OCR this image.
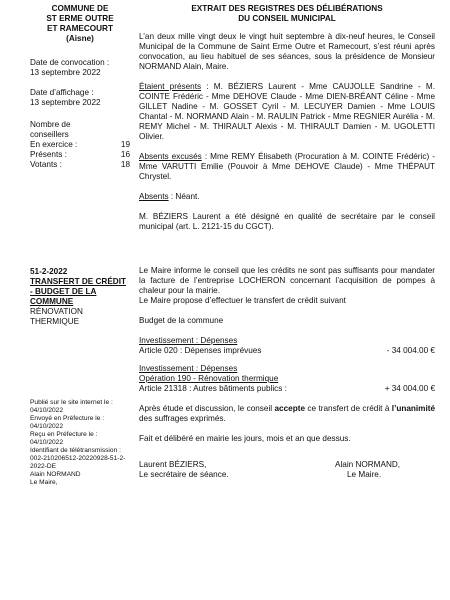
COMMUNE DE
ST ERME OUTRE
ET RAMECOURT
(Aisne)
Date de convocation :
13 septembre 2022
Date d’affichage :
13 septembre 2022
Nombre de
conseillers
En exercice :	19
Présents :	16
Votants :	18
51-2-2022
TRANSFERT DE CRÉDIT - BUDGET DE LA COMMUNE
RÉNOVATION THERMIQUE
Publié sur le site internet le : 04/10/2022
Envoyé en Préfecture le : 04/10/2022
Reçu en Préfecture le : 04/10/2022
Identifiant de télétransmission : 002-210206512-20220928-51-2-2022-DE
Alain NORMAND
Le Maire,
EXTRAIT DES REGISTRES DES DÉLIBÉRATIONS
DU CONSEIL MUNICIPAL

L’an deux mille vingt deux le vingt huit septembre à dix-neuf heures, le Conseil Municipal de la Commune de Saint Erme Outre et Ramecourt, s’est réuni après convocation, au lieu habituel de ses séances, sous la présidence de Monsieur NORMAND Alain, Maire.

Étaient présents : M. BÉZIERS Laurent - Mme CAUJOLLE Sandrine - M. COINTE Frédéric - Mme DEHOVE Claude - Mme DIEN-BRÉANT Céline - Mme GILLET Nadine - M. GOSSET Cyril - M. LECUYER Damien - Mme LOUIS Chantal - M. NORMAND Alain - M. RAULIN Patrick - Mme REGNIER Aurélia - M. REMY Michel - M. THIRAULT Alexis - M. THIRAULT Damien - M. UGOLETTI Olivier.

Absents excusés : Mme REMY Élisabeth (Procuration à M. COINTE Frédéric) - Mme VARUTTI Emilie (Pouvoir à Mme DEHOVE Claude) - Mme THÉPAUT Chrystel.

Absents : Néant.

M. BÉZIERS Laurent a été désigné en qualité de secrétaire par le conseil municipal (art. L. 2121-15 du CGCT).

Le Maire informe le conseil que les crédits ne sont pas suffisants pour mandater la facture de l’entreprise LOCHERON concernant l’acquisition de pompes à chaleur pour la mairie.

Le Maire propose d’effectuer le transfert de crédit suivant

Budget de la commune

Investissement : Dépenses
Article 020 : Dépenses imprévues	- 34 004.00 €
Investissement : Dépenses
Opération 190 - Rénovation thermique
Article 21318 : Autres bâtiments publics :	+ 34 004.00 €

Après étude et discussion, le conseil accepte ce transfert de crédit à l’unanimité des suffrages exprimés.

Fait et délibéré en mairie les jours, mois et an que dessus.

Laurent BÉZIERS,
Le secrétaire de séance.
Alain NORMAND,
Le Maire.
